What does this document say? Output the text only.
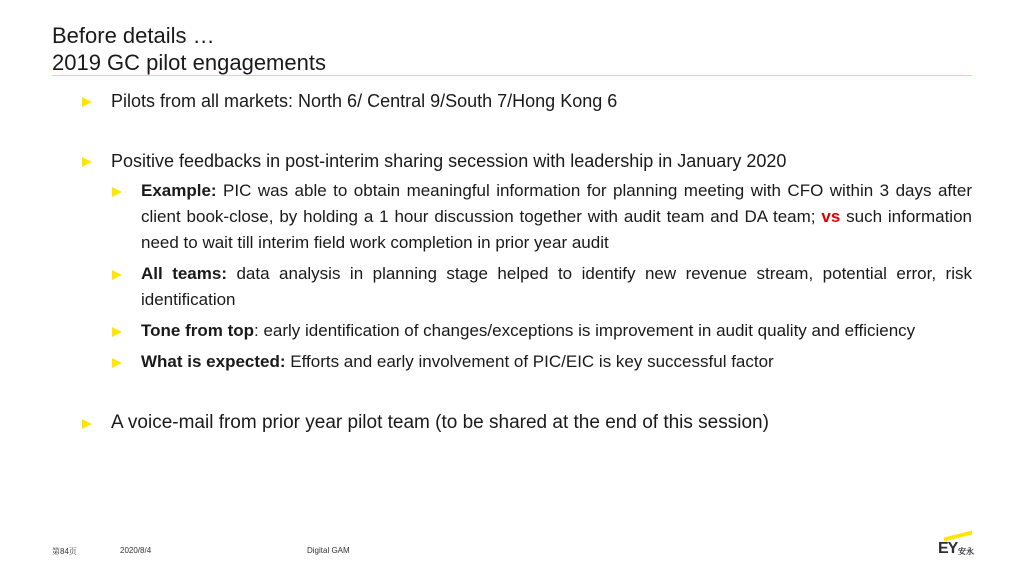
Before details …
2019 GC pilot engagements
Pilots from all markets: North 6/ Central 9/South 7/Hong Kong 6
Positive feedbacks in post-interim sharing secession with leadership in January 2020
Example: PIC was able to obtain meaningful information for planning meeting with CFO within 3 days after client book-close, by holding a 1 hour discussion together with audit team and DA team; vs such information need to wait till interim field work completion in prior year audit
All teams: data analysis in planning stage helped to identify new revenue stream, potential error, risk identification
Tone from top: early identification of changes/exceptions is improvement in audit quality and efficiency
What is expected: Efforts and early involvement of PIC/EIC is key successful factor
A voice-mail from prior year pilot team (to be shared at the end of this session)
第84页	2020/8/4	Digital GAM	EY 安永
